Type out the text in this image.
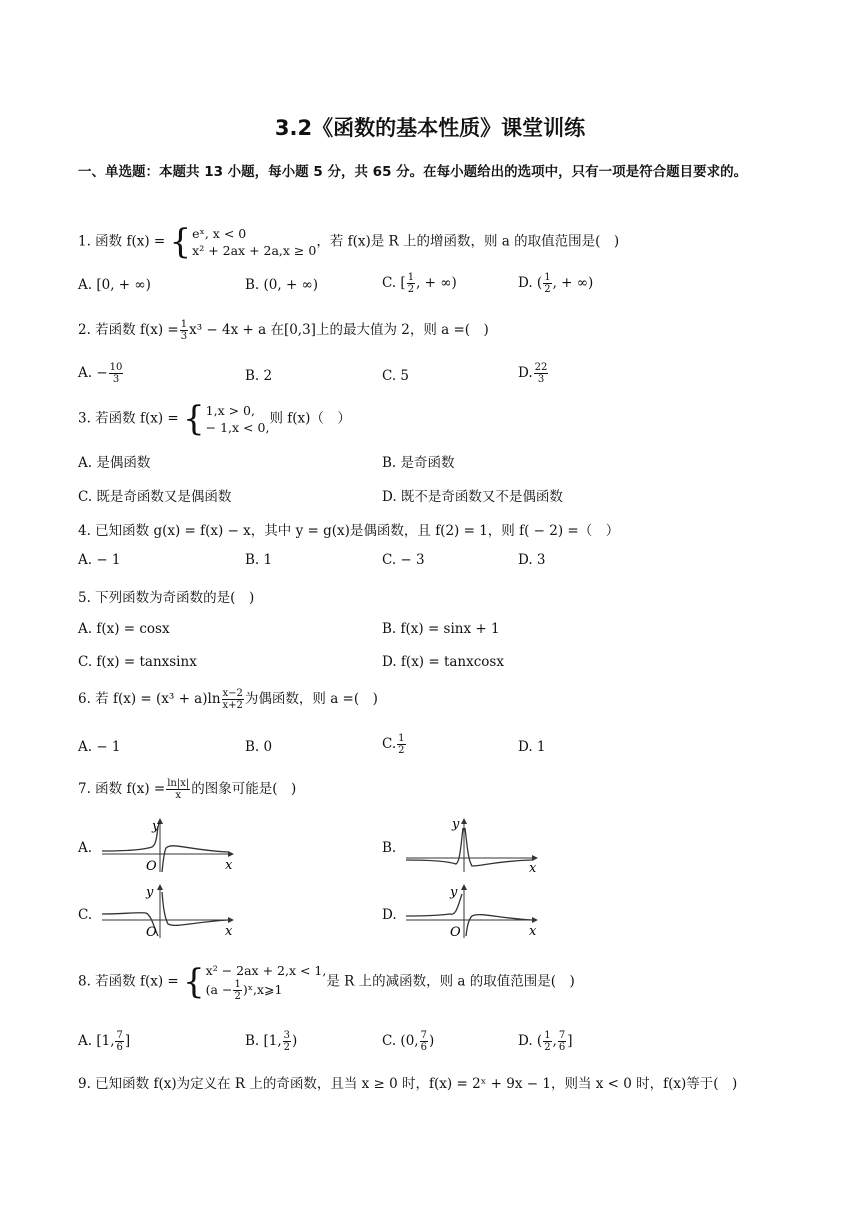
3.2《函数的基本性质》课堂训练
一、单选题：本题共 13 小题，每小题 5 分，共 65 分。在每小题给出的选项中，只有一项是符合题目要求的。
1. 函数 f(x) = { eˣ, x < 0
x² + 2ax + 2a,x ≥ 0
，若 f(x)是 R 上的增函数，则 a 的取值范围是(　)
A. [0, + ∞)	B. (0, + ∞)	C. [ $\frac{1}{2}$ , + ∞)	D. ( $\frac{1}{2}$ , + ∞)
2. 若函数 $f(x) = \frac{1}{3} x^3 - 4x + a$ 在[0,3]上的最大值为 2，则 a =(　)
A. − $\frac{10}{3}$	B. 2	C. 5	D. $\frac{22}{3}$
3. 若函数 f(x) = { 1,x > 0,
− 1,x < 0,
则 f(x)（　）
A. 是偶函数	B. 是奇函数
C. 既是奇函数又是偶函数	D. 既不是奇函数又不是偶函数
4. 已知函数 g(x) = f(x) − x，其中 y = g(x)是偶函数，且 f(2) = 1，则 f( − 2) =（　）
A. − 1	B. 1	C. − 3	D. 3
5. 下列函数为奇函数的是(　)
A. f(x) = cosx	B. f(x) = sinx + 1
C. f(x) = tanxsinx	D. f(x) = tanxcosx
6. 若 $f(x) = (x^3 + a)\ln \frac{x-2}{x+2}$ 为偶函数，则 a =(　)
A. − 1	B. 0	C. $\frac{1}{2}$	D. 1
7. 函数 $f(x) = \frac{\ln|x|}{x}$ 的图象可能是(　)
A.
y
x
O
B.
y
x
C.
y
x
O
D.
y
x
O
8. 若函数 f(x) = { x² − 2ax + 2,x < 1,
($a - \frac{1}{2}$ )ˣ,x⩾1	是 R 上的减函数，则 a 的取值范围是(　)
A. [1, $\frac{7}{6}$ ]	B. [1, $\frac{3}{2}$ )	C. (0, $\frac{7}{6}$ )	D. ( $\frac{1}{2}$ , $\frac{7}{6}$ ]
9. 已知函数 f(x)为定义在 R 上的奇函数，且当 x ≥ 0 时，f(x) = 2ˣ + 9x − 1，则当 x < 0 时，f(x)等于(　)
